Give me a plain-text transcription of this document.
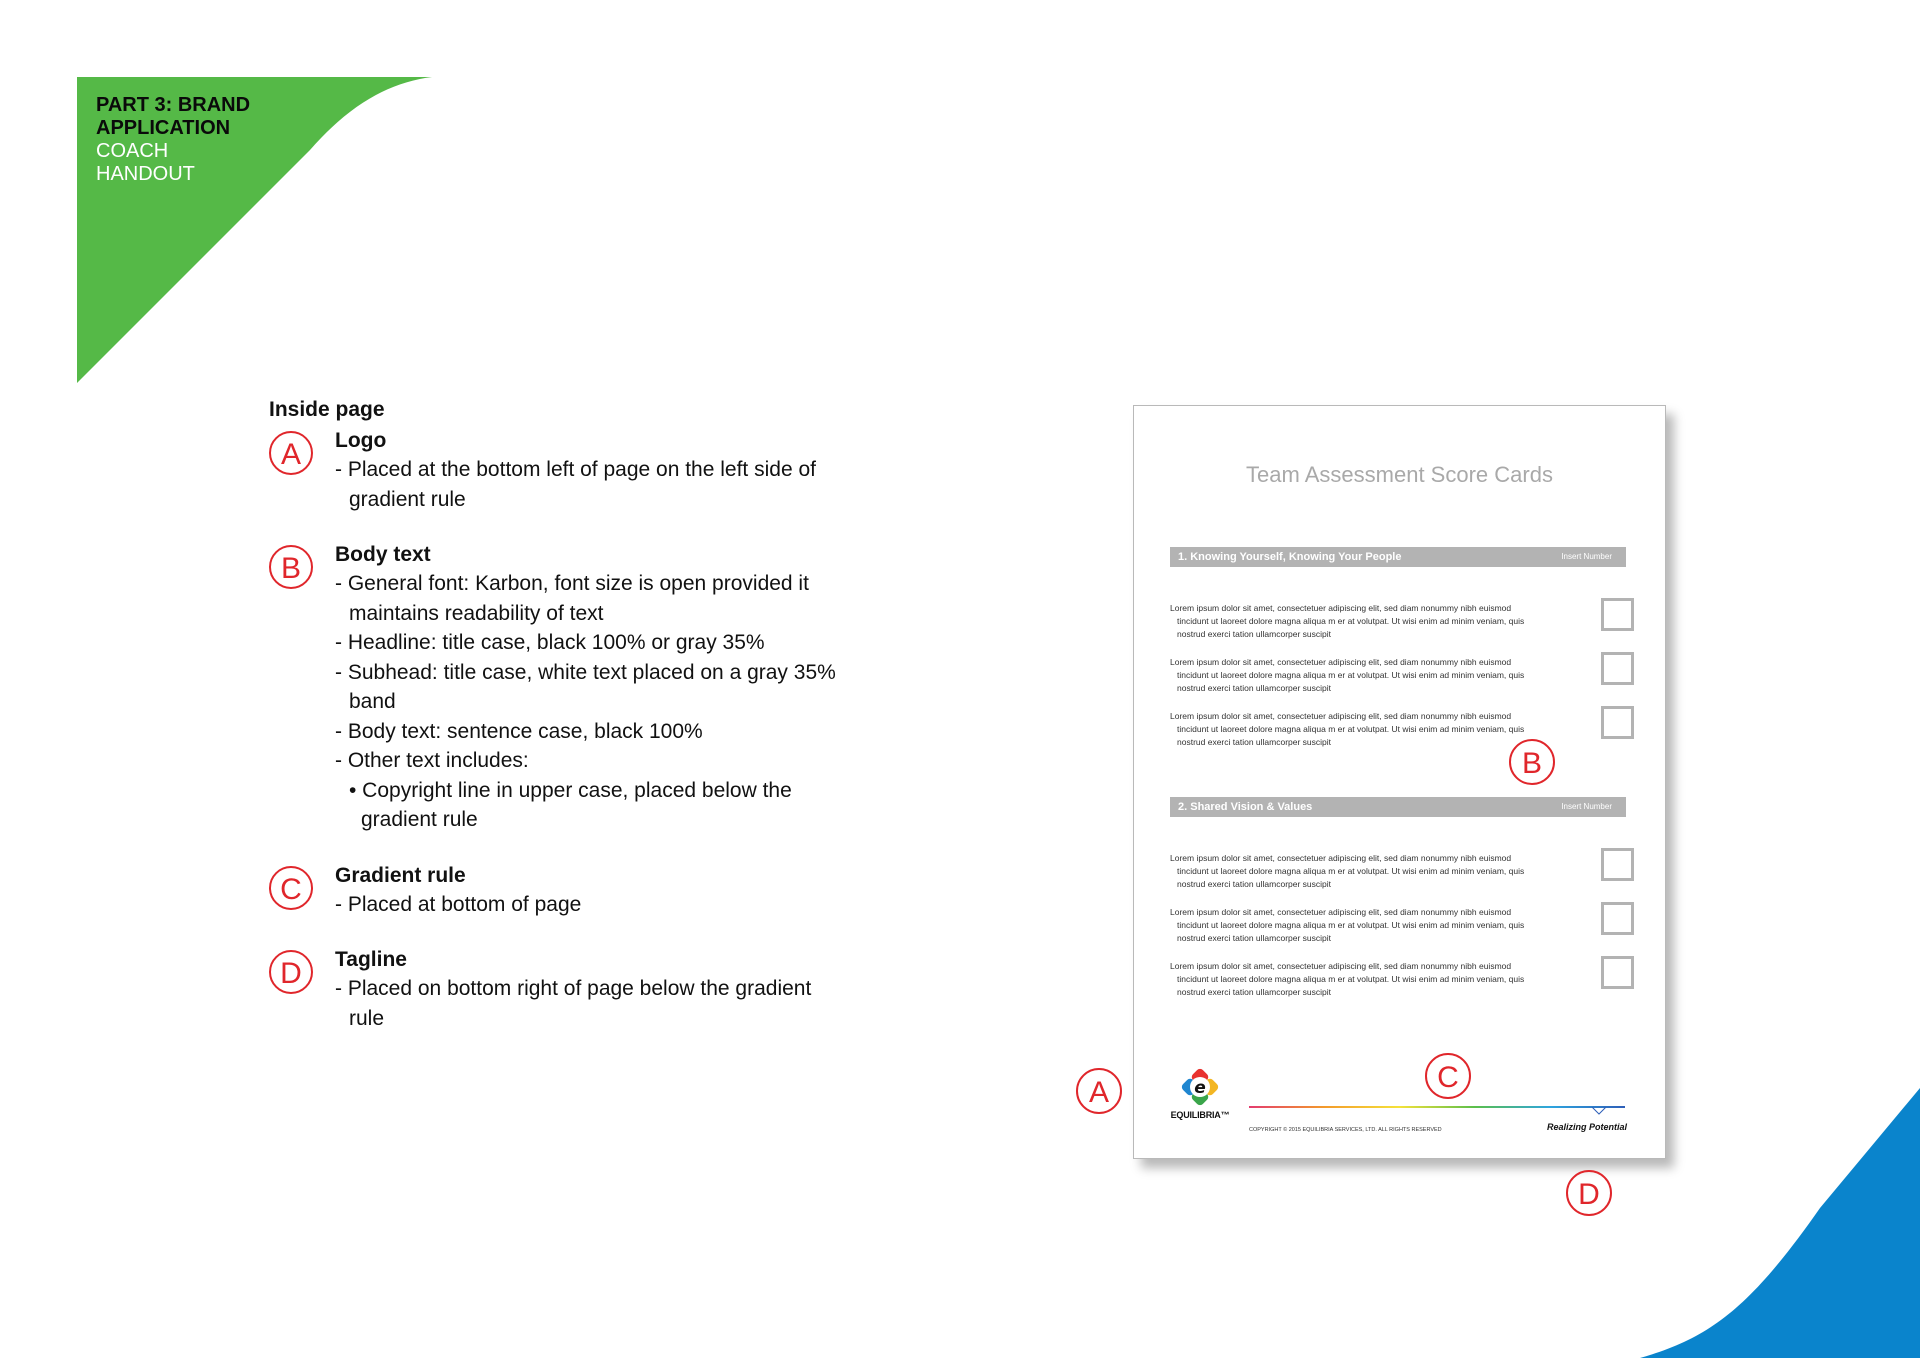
PART 3: BRAND
APPLICATION
COACH
HANDOUT
Inside page
A	Logo
- Placed at the bottom left of page on the left side of gradient rule
B	Body text
- General font: Karbon, font size is open provided it maintains readability of text
- Headline: title case, black 100% or gray 35%
- Subhead: title case, white text placed on a gray 35% band
- Body text: sentence case, black 100%
- Other text includes:
• Copyright line in upper case, placed below the gradient rule
C	Gradient rule
- Placed at bottom of page
D	Tagline
- Placed on bottom right of page below the gradient rule
Team Assessment Score Cards
1. Knowing Yourself, Knowing Your People	Insert Number
Lorem ipsum dolor sit amet, consectetuer adipiscing elit, sed diam nonummy nibh euismod tincidunt ut laoreet dolore magna aliqua m er at volutpat. Ut wisi enim ad minim veniam, quis nostrud exerci tation ullamcorper suscipit
Lorem ipsum dolor sit amet, consectetuer adipiscing elit, sed diam nonummy nibh euismod tincidunt ut laoreet dolore magna aliqua m er at volutpat. Ut wisi enim ad minim veniam, quis nostrud exerci tation ullamcorper suscipit
Lorem ipsum dolor sit amet, consectetuer adipiscing elit, sed diam nonummy nibh euismod tincidunt ut laoreet dolore magna aliqua m er at volutpat. Ut wisi enim ad minim veniam, quis nostrud exerci tation ullamcorper suscipit
2. Shared Vision & Values	Insert Number
Lorem ipsum dolor sit amet, consectetuer adipiscing elit, sed diam nonummy nibh euismod tincidunt ut laoreet dolore magna aliqua m er at volutpat. Ut wisi enim ad minim veniam, quis nostrud exerci tation ullamcorper suscipit
Lorem ipsum dolor sit amet, consectetuer adipiscing elit, sed diam nonummy nibh euismod tincidunt ut laoreet dolore magna aliqua m er at volutpat. Ut wisi enim ad minim veniam, quis nostrud exerci tation ullamcorper suscipit
Lorem ipsum dolor sit amet, consectetuer adipiscing elit, sed diam nonummy nibh euismod tincidunt ut laoreet dolore magna aliqua m er at volutpat. Ut wisi enim ad minim veniam, quis nostrud exerci tation ullamcorper suscipit
e
EQUILIBRIA™
COPYRIGHT © 2015 EQUILIBRIA SERVICES, LTD. ALL RIGHTS RESERVED	Realizing Potential
A
B
C
D
